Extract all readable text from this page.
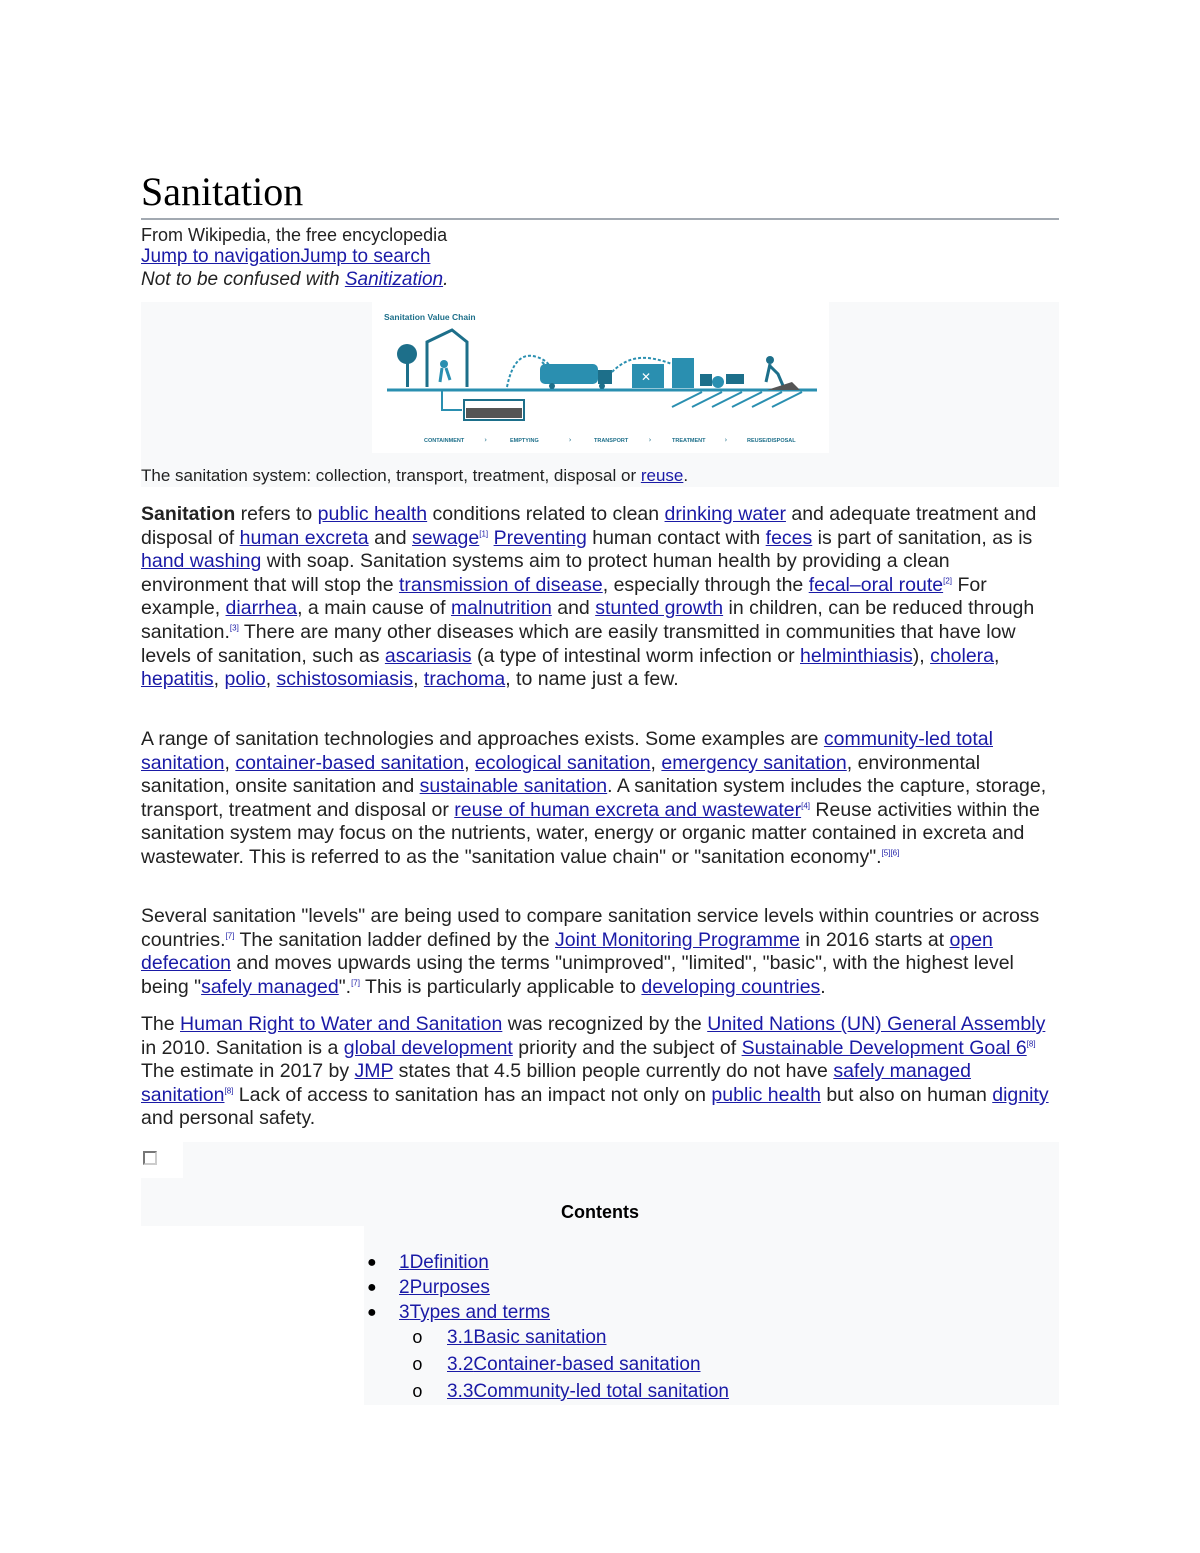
Sanitation
From Wikipedia, the free encyclopedia
Jump to navigationJump to search
Not to be confused with Sanitization.
Sanitation Value Chain
✕
CONTAINMENT	›	EMPTYING	›	TRANSPORT	›	TREATMENT	›	REUSE/DISPOSAL
The sanitation system: collection, transport, treatment, disposal or reuse.

Sanitation refers to public health conditions related to clean drinking water and adequate treatment and disposal of human excreta and sewage[1] Preventing human contact with feces is part of sanitation, as is hand washing with soap. Sanitation systems aim to protect human health by providing a clean environment that will stop the transmission of disease, especially through the fecal–oral route[2] For example, diarrhea, a main cause of malnutrition and stunted growth in children, can be reduced through sanitation.[3] There are many other diseases which are easily transmitted in communities that have low levels of sanitation, such as ascariasis (a type of intestinal worm infection or helminthiasis), cholera, hepatitis, polio, schistosomiasis, trachoma, to name just a few.

A range of sanitation technologies and approaches exists. Some examples are community-led total sanitation, container-based sanitation, ecological sanitation, emergency sanitation, environmental sanitation, onsite sanitation and sustainable sanitation. A sanitation system includes the capture, storage, transport, treatment and disposal or reuse of human excreta and wastewater[4] Reuse activities within the sanitation system may focus on the nutrients, water, energy or organic matter contained in excreta and wastewater. This is referred to as the "sanitation value chain" or "sanitation economy".[5][6]

Several sanitation "levels" are being used to compare sanitation service levels within countries or across countries.[7] The sanitation ladder defined by the Joint Monitoring Programme in 2016 starts at open defecation and moves upwards using the terms "unimproved", "limited", "basic", with the highest level being "safely managed".[7] This is particularly applicable to developing countries.

The Human Right to Water and Sanitation was recognized by the United Nations (UN) General Assembly in 2010. Sanitation is a global development priority and the subject of Sustainable Development Goal 6[8] The estimate in 2017 by JMP states that 4.5 billion people currently do not have safely managed sanitation[8] Lack of access to sanitation has an impact not only on public health but also on human dignity and personal safety.

Contents
● 1Definition
● 2Purposes
● 3Types and terms
o 3.1Basic sanitation
o 3.2Container-based sanitation
o 3.3Community-led total sanitation
